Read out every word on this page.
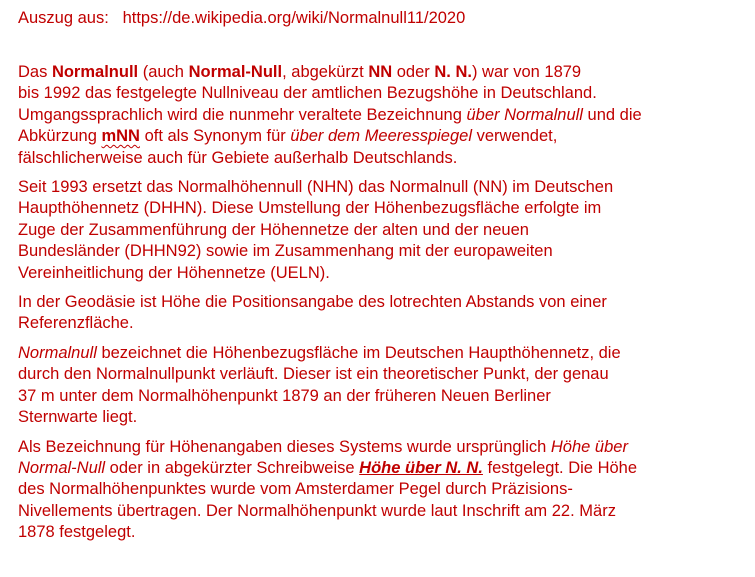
Auszug aus: https://de.wikipedia.org/wiki/Normalnull11/2020

Das Normalnull (auch Normal-Null, abgekürzt NN oder N. N.) war von 1879
bis 1992 das festgelegte Nullniveau der amtlichen Bezugshöhe in Deutschland.
Umgangssprachlich wird die nunmehr veraltete Bezeichnung über Normalnull und die
Abkürzung mNN oft als Synonym für über dem Meeresspiegel verwendet,
fälschlicherweise auch für Gebiete außerhalb Deutschlands.

Seit 1993 ersetzt das Normalhöhennull (NHN) das Normalnull (NN) im Deutschen
Haupthöhennetz (DHHN). Diese Umstellung der Höhenbezugsfläche erfolgte im
Zuge der Zusammenführung der Höhennetze der alten und der neuen
Bundesländer (DHHN92) sowie im Zusammenhang mit der europaweiten
Vereinheitlichung der Höhennetze (UELN).

In der Geodäsie ist Höhe die Positionsangabe des lotrechten Abstands von einer
Referenzfläche.

Normalnull bezeichnet die Höhenbezugsfläche im Deutschen Haupthöhennetz, die
durch den Normalnullpunkt verläuft. Dieser ist ein theoretischer Punkt, der genau
37 m unter dem Normalhöhenpunkt 1879 an der früheren Neuen Berliner
Sternwarte liegt.

Als Bezeichnung für Höhenangaben dieses Systems wurde ursprünglich Höhe über
Normal-Null oder in abgekürzter Schreibweise Höhe über N. N. festgelegt. Die Höhe
des Normalhöhenpunktes wurde vom Amsterdamer Pegel durch Präzisions-
Nivellements übertragen. Der Normalhöhenpunkt wurde laut Inschrift am 22. März
1878 festgelegt.
